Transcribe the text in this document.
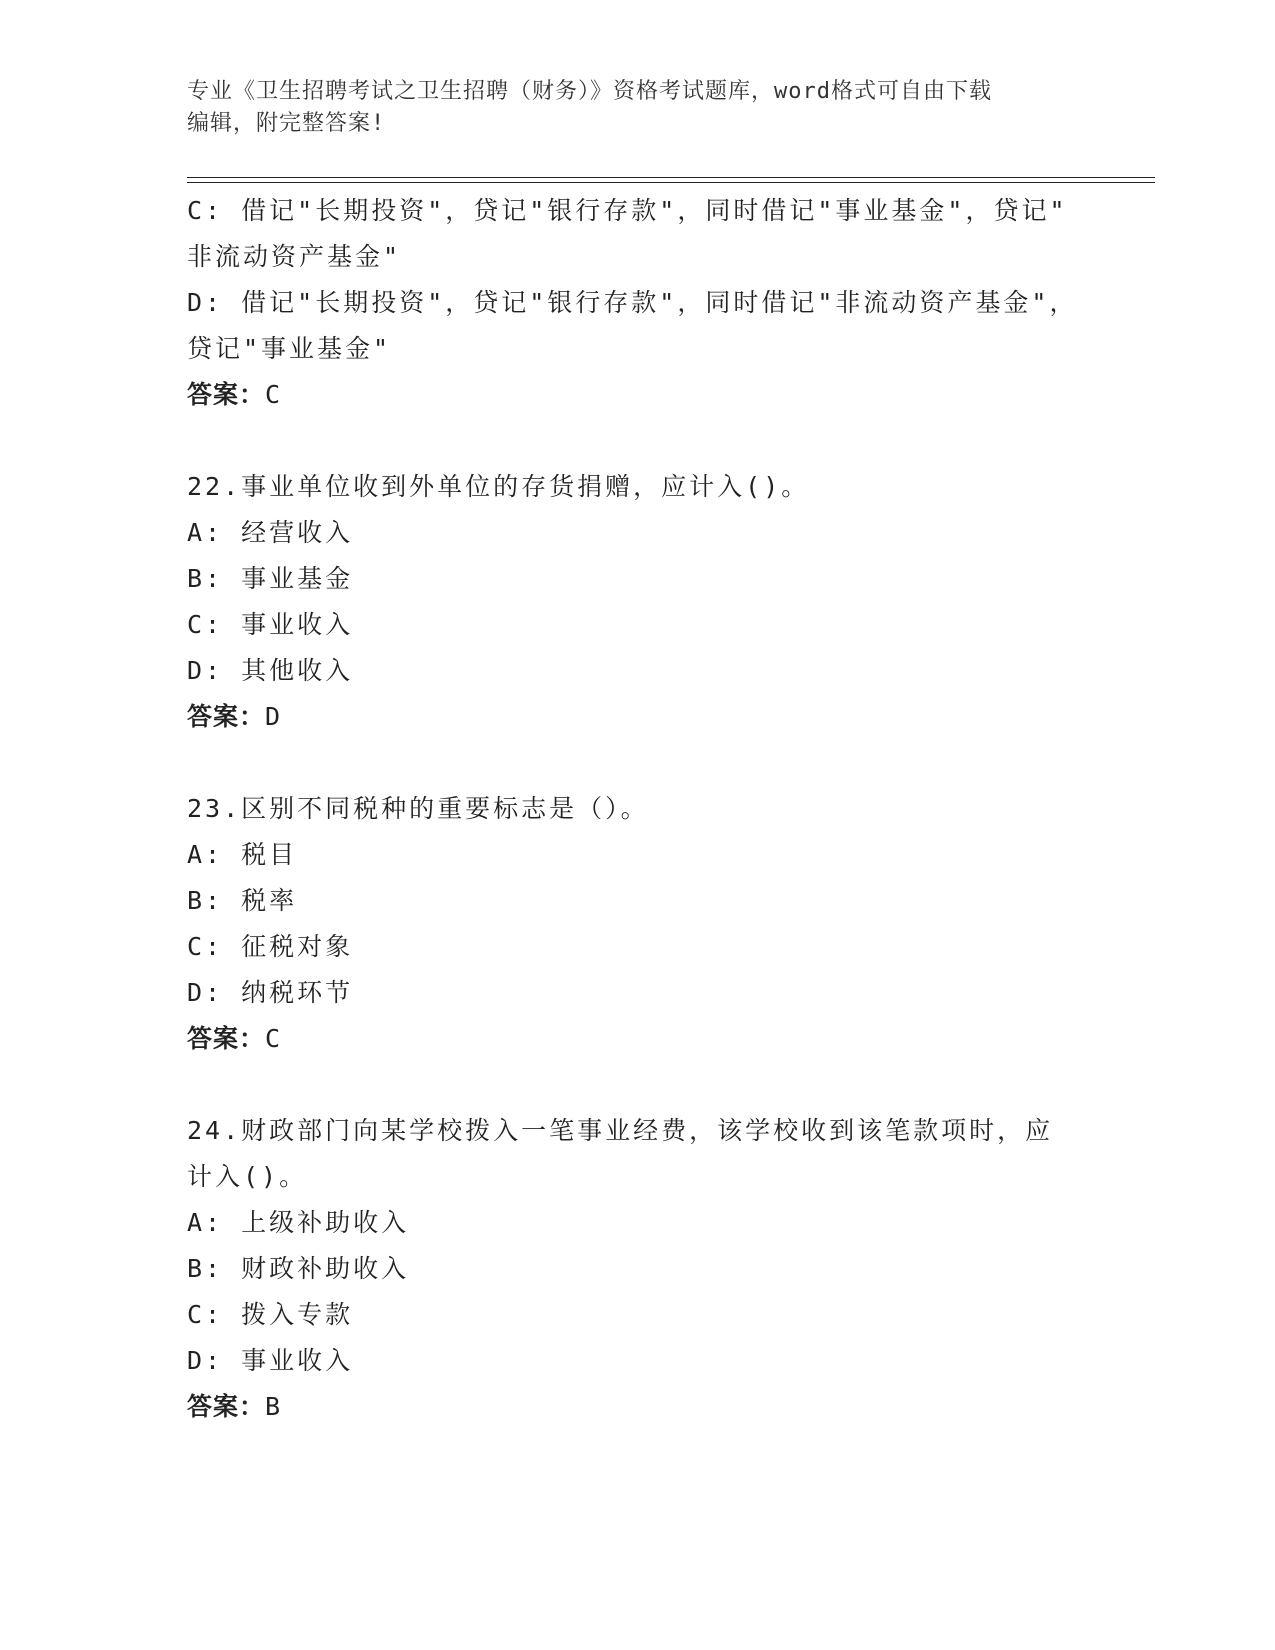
专业《卫生招聘考试之卫生招聘（财务）》资格考试题库，word格式可自由下载
编辑，附完整答案!
C: 借记"长期投资"，贷记"银行存款"，同时借记"事业基金"，贷记"
非流动资产基金"
D: 借记"长期投资"，贷记"银行存款"，同时借记"非流动资产基金"，
贷记"事业基金"
答案：C
22.事业单位收到外单位的存货捐赠，应计入()。
A: 经营收入
B: 事业基金
C: 事业收入
D: 其他收入
答案：D
23.区别不同税种的重要标志是（）。
A: 税目
B: 税率
C: 征税对象
D: 纳税环节
答案：C
24.财政部门向某学校拨入一笔事业经费，该学校收到该笔款项时，应
计入()。
A: 上级补助收入
B: 财政补助收入
C: 拨入专款
D: 事业收入
答案：B
